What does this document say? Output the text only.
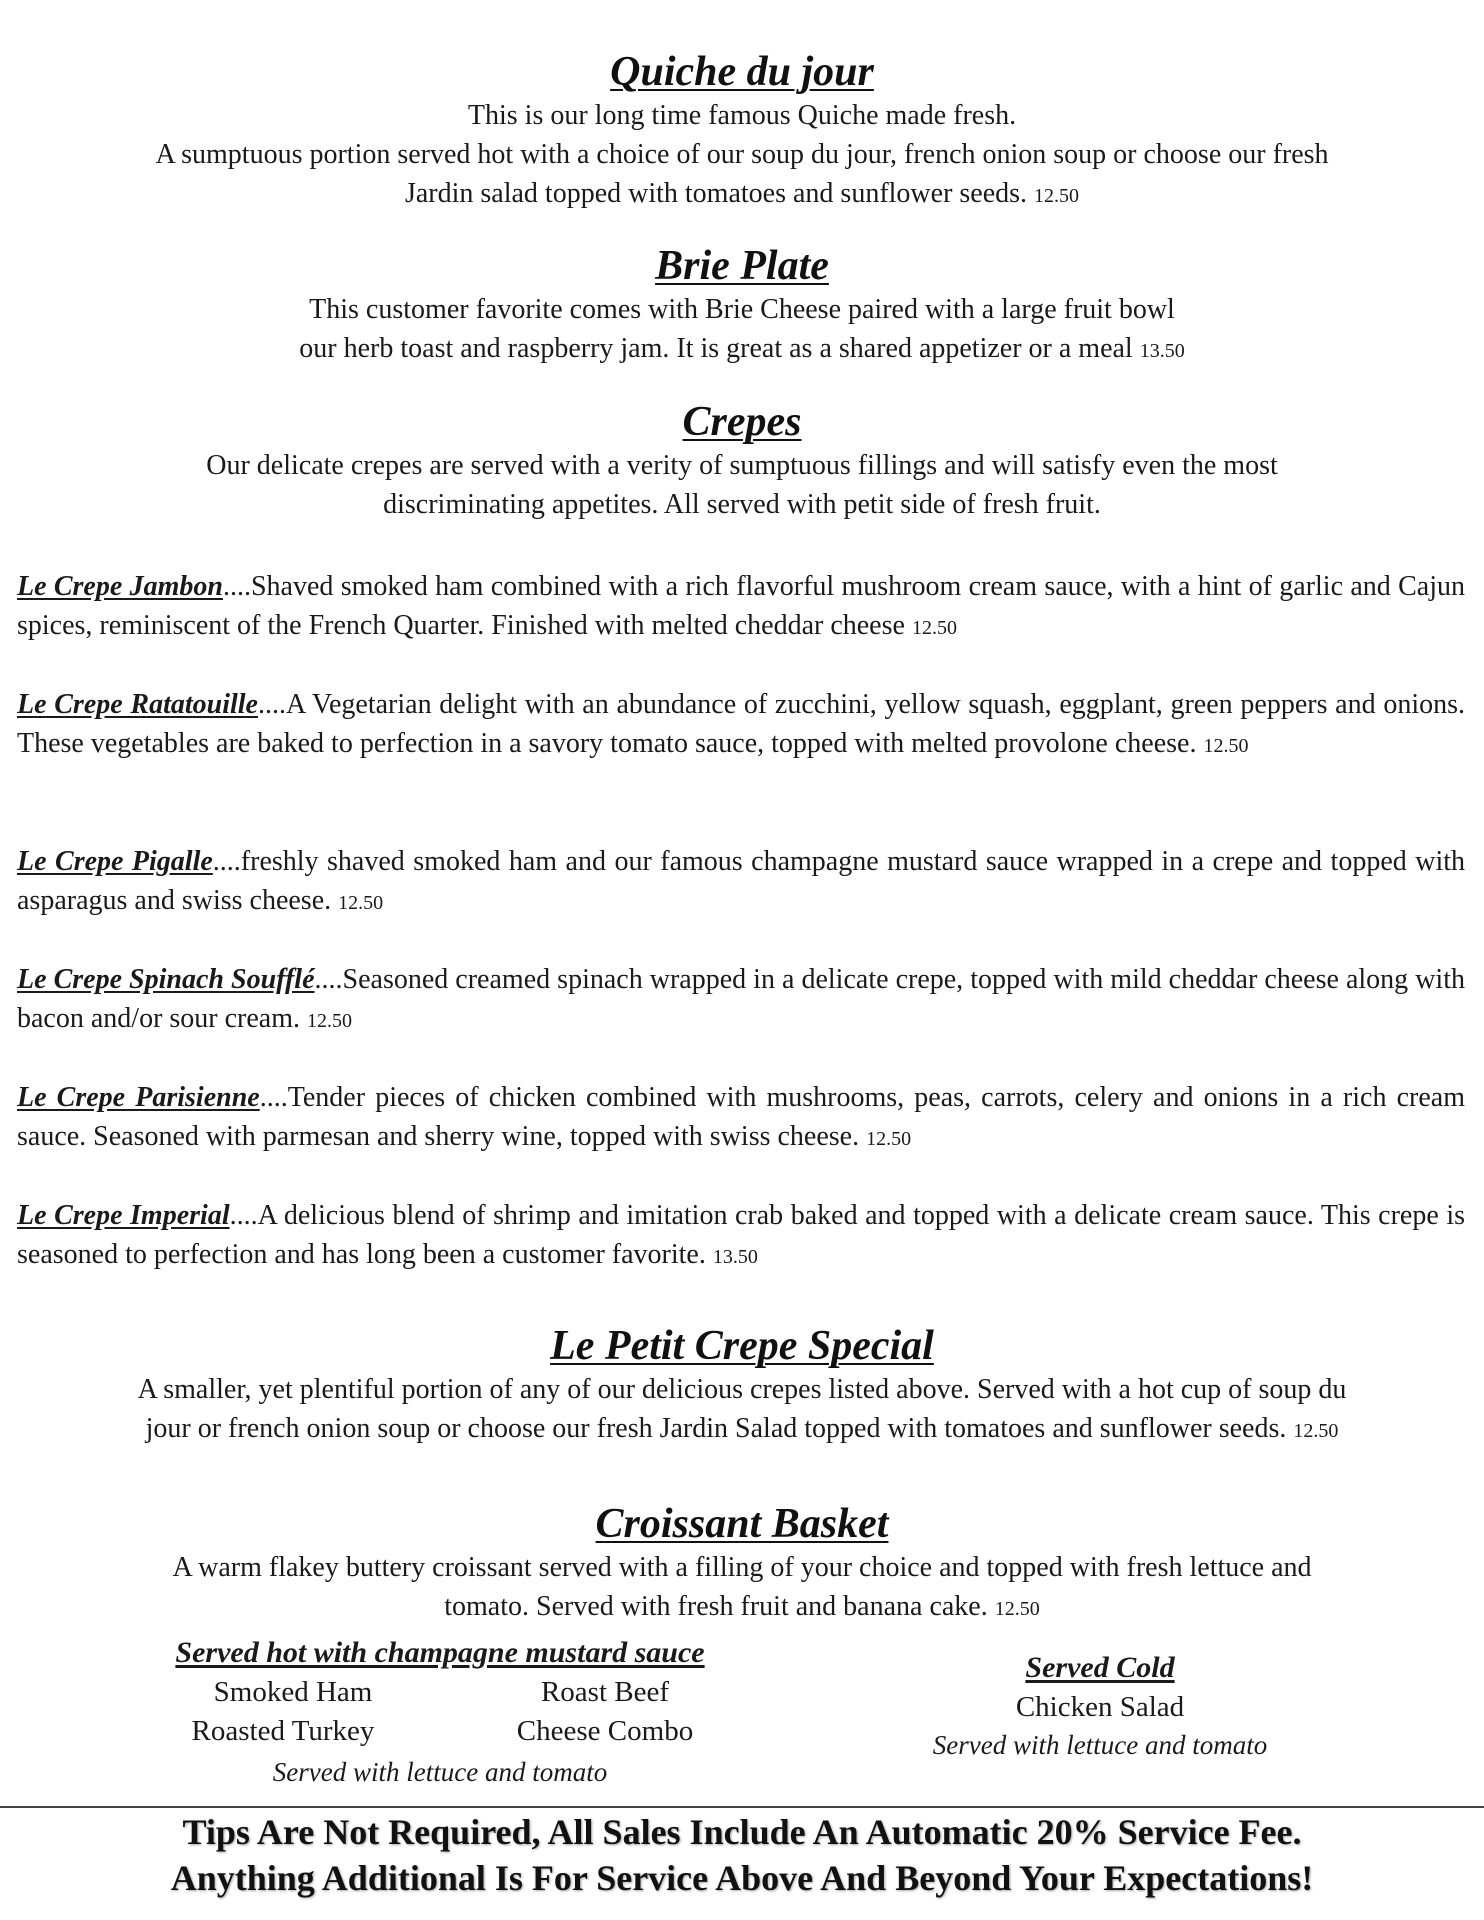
Quiche du jour

This is our long time famous Quiche made fresh.

A sumptuous portion served hot with a choice of our soup du jour, french onion soup or choose our fresh

Jardin salad topped with tomatoes and sunflower seeds. 12.50

Brie Plate

This customer favorite comes with Brie Cheese paired with a large fruit bowl

our herb toast and raspberry jam. It is great as a shared appetizer or a meal 13.50

Crepes

Our delicate crepes are served with a verity of sumptuous fillings and will satisfy even the most

discriminating appetites. All served with petit side of fresh fruit.

Le Crepe Jambon....Shaved smoked ham combined with a rich flavorful mushroom cream sauce, with a hint of garlic and Cajun spices, reminiscent of the French Quarter. Finished with melted cheddar cheese 12.50

Le Crepe Ratatouille....A Vegetarian delight with an abundance of zucchini, yellow squash, eggplant, green peppers and onions. These vegetables are baked to perfection in a savory tomato sauce, topped with melted provolone cheese. 12.50

Le Crepe Pigalle....freshly shaved smoked ham and our famous champagne mustard sauce wrapped in a crepe and topped with asparagus and swiss cheese. 12.50

Le Crepe Spinach Soufflé....Seasoned creamed spinach wrapped in a delicate crepe, topped with mild cheddar cheese along with bacon and/or sour cream. 12.50

Le Crepe Parisienne....Tender pieces of chicken combined with mushrooms, peas, carrots, celery and onions in a rich cream sauce. Seasoned with parmesan and sherry wine, topped with swiss cheese. 12.50

Le Crepe Imperial....A delicious blend of shrimp and imitation crab baked and topped with a delicate cream sauce. This crepe is seasoned to perfection and has long been a customer favorite. 13.50

Le Petit Crepe Special

A smaller, yet plentiful portion of any of our delicious crepes listed above. Served with a hot cup of soup du

jour or french onion soup or choose our fresh Jardin Salad topped with tomatoes and sunflower seeds. 12.50

Croissant Basket

A warm flakey buttery croissant served with a filling of your choice and topped with fresh lettuce and

tomato. Served with fresh fruit and banana cake. 12.50

Served hot with champagne mustard sauce
Smoked Ham	Roast Beef
Roasted Turkey	Cheese Combo
Served with lettuce and tomato
Served Cold
Chicken Salad
Served with lettuce and tomato
Tips Are Not Required, All Sales Include An Automatic 20% Service Fee.
Anything Additional Is For Service Above And Beyond Your Expectations!
